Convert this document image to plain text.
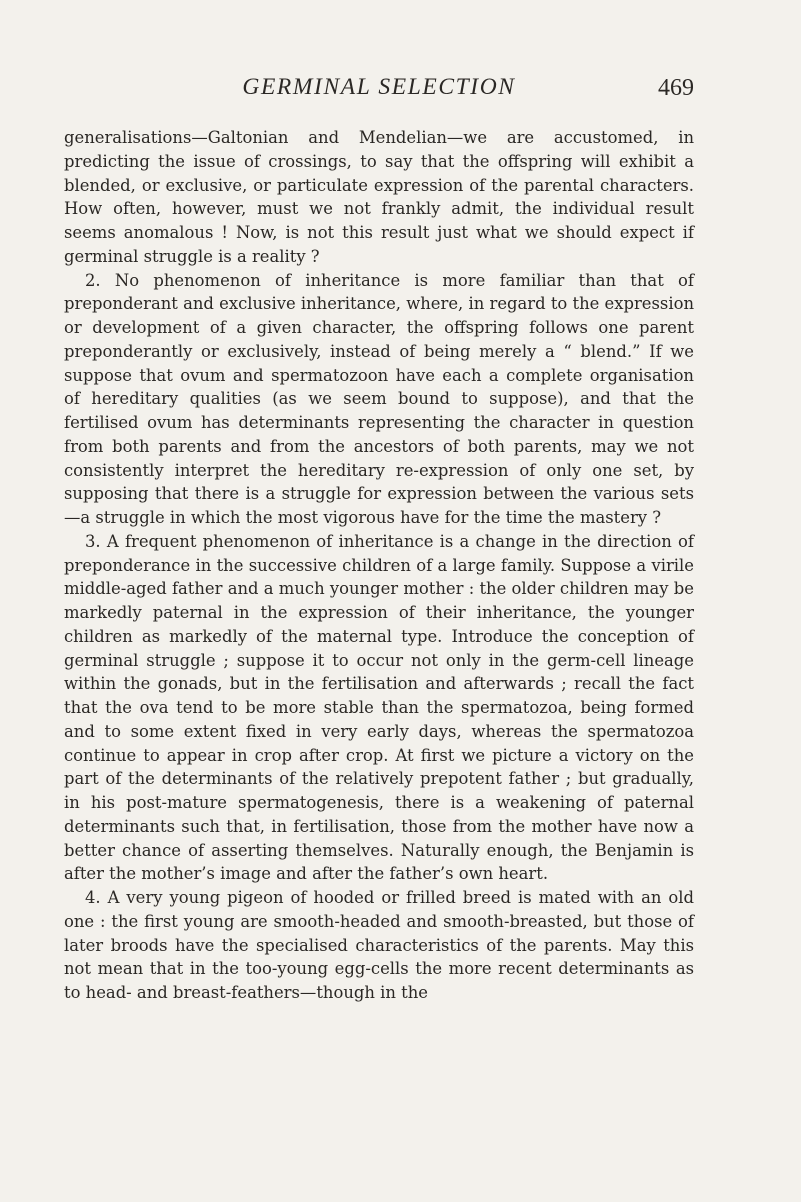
GERMINAL SELECTION	469

generalisations—Galtonian and Mendelian—we are accustomed, in predicting the issue of crossings, to say that the offspring will exhibit a blended, or exclusive, or particulate expression of the parental characters. How often, however, must we not frankly admit, the individual result seems anomalous ! Now, is not this result just what we should expect if germinal struggle is a reality ?

2. No phenomenon of inheritance is more familiar than that of preponderant and exclusive inheritance, where, in regard to the expression or development of a given character, the offspring follows one parent preponderantly or exclusively, instead of being merely a “ blend.” If we suppose that ovum and spermatozoon have each a complete organisation of hereditary qualities (as we seem bound to suppose), and that the fertilised ovum has determinants representing the character in question from both parents and from the ancestors of both parents, may we not consistently interpret the hereditary re-expression of only one set, by supposing that there is a struggle for expression between the various sets—a struggle in which the most vigorous have for the time the mastery ?

3. A frequent phenomenon of inheritance is a change in the direction of preponderance in the successive children of a large family. Suppose a virile middle-aged father and a much younger mother : the older children may be markedly paternal in the expression of their inheritance, the younger children as markedly of the maternal type. Introduce the conception of germinal struggle ; suppose it to occur not only in the germ-cell lineage within the gonads, but in the fertilisation and afterwards ; recall the fact that the ova tend to be more stable than the spermatozoa, being formed and to some extent fixed in very early days, whereas the spermatozoa continue to appear in crop after crop. At first we picture a victory on the part of the determinants of the relatively prepotent father ; but gradually, in his post-mature spermatogenesis, there is a weakening of paternal determinants such that, in fertilisation, those from the mother have now a better chance of asserting themselves. Naturally enough, the Benjamin is after the mother’s image and after the father’s own heart.

4. A very young pigeon of hooded or frilled breed is mated with an old one : the first young are smooth-headed and smooth-breasted, but those of later broods have the specialised characteristics of the parents. May this not mean that in the too-young egg-cells the more recent determinants as to head- and breast-feathers—though in the
